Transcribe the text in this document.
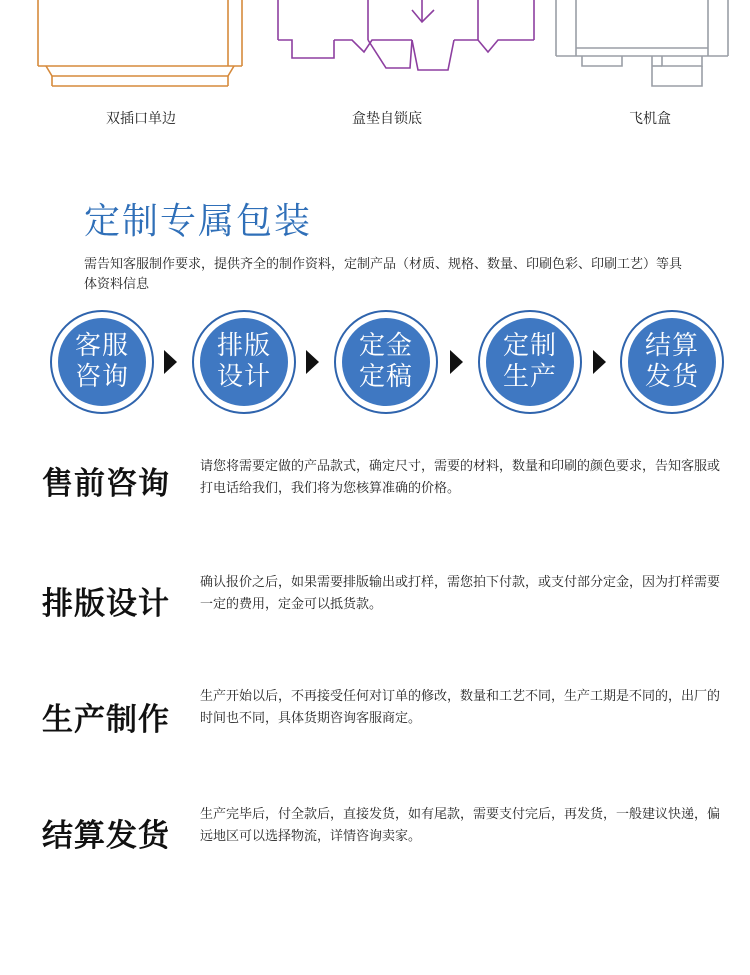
双插口单边	盒垫自锁底	飞机盒
定制专属包装
需告知客服制作要求，提供齐全的制作资料，定制产品（材质、规格、数量、印刷色彩、印刷工艺）等具体资料信息
客服
咨询
排版
设计
定金
定稿
定制
生产
结算
发货
售前咨询 请您将需要定做的产品款式，确定尺寸，需要的材料，数量和印刷的颜色要求，告知客服或打电话给我们，我们将为您核算准确的价格。
排版设计
确认报价之后，如果需要排版输出或打样，需您拍下付款，或支付部分定金，因为打样需要一定的费用，定金可以抵货款。
生产制作
生产开始以后，不再接受任何对订单的修改，数量和工艺不同，生产工期是不同的，出厂的时间也不同，具体货期咨询客服商定。
结算发货
生产完毕后，付全款后，直接发货，如有尾款，需要支付完后，再发货，一般建议快递，偏远地区可以选择物流，详情咨询卖家。
